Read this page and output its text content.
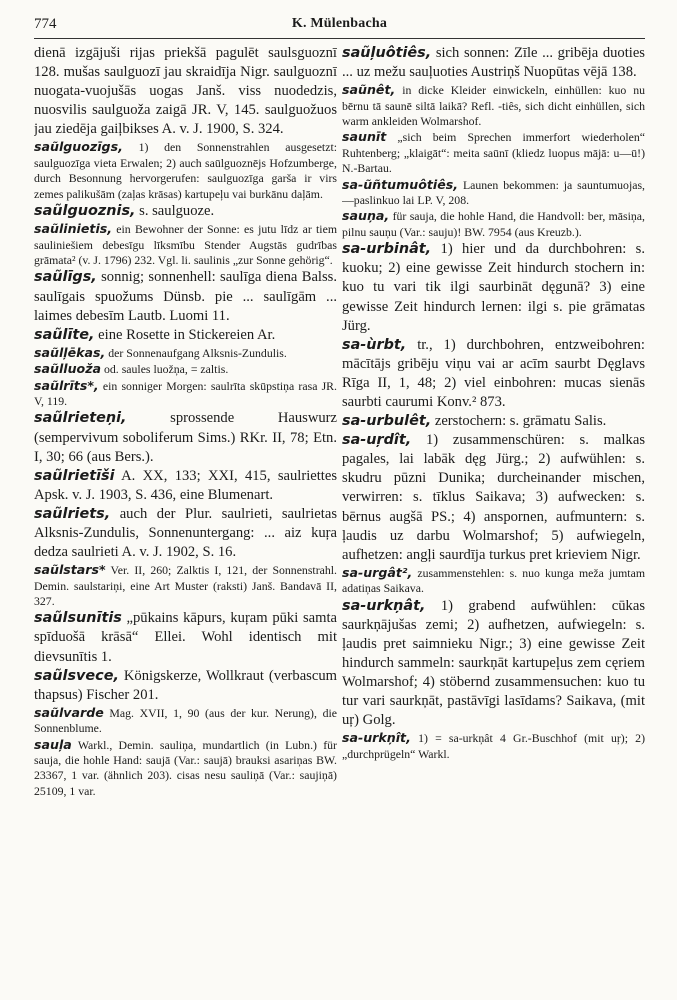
774	K. Mülenbacha
dienā izgājuši rijas priekšā pagulēt saulsguoznī 128. mušas saulguozī jau skraidīja Nigr. saulguoznī nuogata-vuojušās uogas Janš. viss nuodedzis, nuosvilis saulguoža zaigā JR. V, 145. saulguožuos jau ziedēja gaiļbikses A. v. J. 1900, S. 324.
saũlguozīgs, 1) den Sonnenstrahlen ausgesetzt: saulguozīga vieta Erwalen; 2) auch saūlguoznējs Hofzumberge, durch Besonnung hervorgerufen: saulguozīga garša ir virs zemes palikušām (zaļas krāsas) kartupeļu vai burkānu daļām.
saũlguoznis, s. saulguoze.
saũlinietis, ein Bewohner der Sonne: es jutu līdz ar tiem sauliniešiem debesīgu līksmību Stender Augstās gudrības grāmata² (v. J. 1796) 232. Vgl. li. saulinis „zur Sonne gehörig“.
saũlīgs, sonnig; sonnenhell: saulīga diena Balss. saulīgais spuožums Dünsb. pie ... saulīgām ... laimes debesīm Lautb. Luomi 11.
saũlīte, eine Rosette in Stickereien Ar.
saũlļēkas, der Sonnenaufgang Alksnis-Zundulis.
saũlluoža od. saules luožņa, = zaltis.
saũlrīts*, ein sonniger Morgen: saulrīta skūpstiņa rasa JR. V, 119.
saũlrieteņi,	sprossende Hauswurz (sempervivum soboliferum Sims.) RKr. II, 78; Etn. I, 30; 66 (aus Bers.).
saũlrietīši A. XX, 133; XXI, 415, saulriettes Apsk. v. J. 1903, S. 436, eine Blumenart.
saũlriets, auch der Plur. saulrieti, saulrietas Alksnis-Zundulis, Sonnenuntergang: ... aiz kuŗa dedza saulrieti A. v. J. 1902, S. 16.
saũlstars* Ver. II, 260; Zalktis I, 121, der Sonnenstrahl. Demin. saulstariņi, eine Art Muster (raksti) Janš. Bandavā II, 327.
saũlsunītis „pūkains kāpurs, kuŗam pūki samta spīduošā krāsā“ Ellei. Wohl identisch mit dievsunītis 1.
saũlsvece, Königskerze, Wollkraut (verbascum thapsus) Fischer 201.
saũlvarde Mag. XVII, 1, 90 (aus der kur. Nerung), die Sonnenblume.
sauļa Warkl., Demin. sauliņa, mundartlich (in Lubn.) für sauja, die hohle Hand: saujā (Var.: saujā) brauksi asariņas BW. 23367, 1 var. (ähnlich 203). cisas nesu sauliņā (Var.: saujiņā) 25109, 1 var.
saũļuôtiês, sich sonnen: Zīle ... gribēja duoties ... uz mežu sauļuoties Austriņš Nuopūtas vējā 138.
saũnêt, in dicke Kleider einwickeln, einhüllen: kuo nu bērnu tā saunē siltā laikā? Refl. -tiês, sich dicht einhüllen, sich warm ankleiden Wolmarshof.
saunīt „sich beim Sprechen immerfort wiederholen“ Ruhtenberg; „klaigāt“: meita saūnī (kliedz luopus mājā: u—ū!) N.-Bartau.
sa-ũñtumuôtiês, Launen bekommen: ja sauntumuojas, —paslinkuo lai LP. V, 208.
sauņa, für sauja, die hohle Hand, die Handvoll: ber, māsiņa, pilnu sauņu (Var.: sauju)! BW. 7954 (aus Kreuzb.).
sa-urbinât, 1) hier und da durchbohren: s. kuoku; 2) eine gewisse Zeit hindurch stochern in: kuo tu vari tik ilgi saurbināt dęgunā? 3) eine gewisse Zeit hindurch lernen: ilgi s. pie grāmatas Jürg.
sa-ùrbt, tr., 1) durchbohren, entzweibohren: mācītājs gribēju viņu vai ar acīm saurbt Dęglavs Rīga II, 1, 48; 2) viel einbohren: mucas sienās saurbti caurumi Konv.² 873.
sa-urbulêt, zerstochern: s. grāmatu Salis.
sa-uŗdît, 1) zusammenschüren: s. malkas pagales, lai labāk dęg Jürg.; 2) aufwühlen: s. skudru pūzni Dunika; durcheinander mischen, verwirren: s. tīklus Saikava; 3) aufwecken: s. bērnus augšā PS.; 4) anspornen, aufmuntern: s. ļaudis uz darbu Wolmarshof; 5) aufwiegeln, aufhetzen: angļi saurdīja turkus pret krieviem Nigr.
sa-urgât², zusammenstehlen: s. nuo kunga meža jumtam adatiņas Saikava.
sa-urkņât, 1) grabend aufwühlen: cūkas saurkņājušas zemi; 2) aufhetzen, aufwiegeln: s. ļaudis pret saimnieku Nigr.; 3) eine gewisse Zeit hindurch sammeln: saurkņāt kartupeļus zem cęriem Wolmarshof; 4) stöbernd zusammensuchen: kuo tu tur vari saurkņāt, pastāvīgi lasīdams? Saikava, (mit uŗ) Golg.
sa-urkņît, 1) = sa-urkņât 4 Gr.-Buschhof (mit uŗ); 2) „durchprügeln“ Warkl.
